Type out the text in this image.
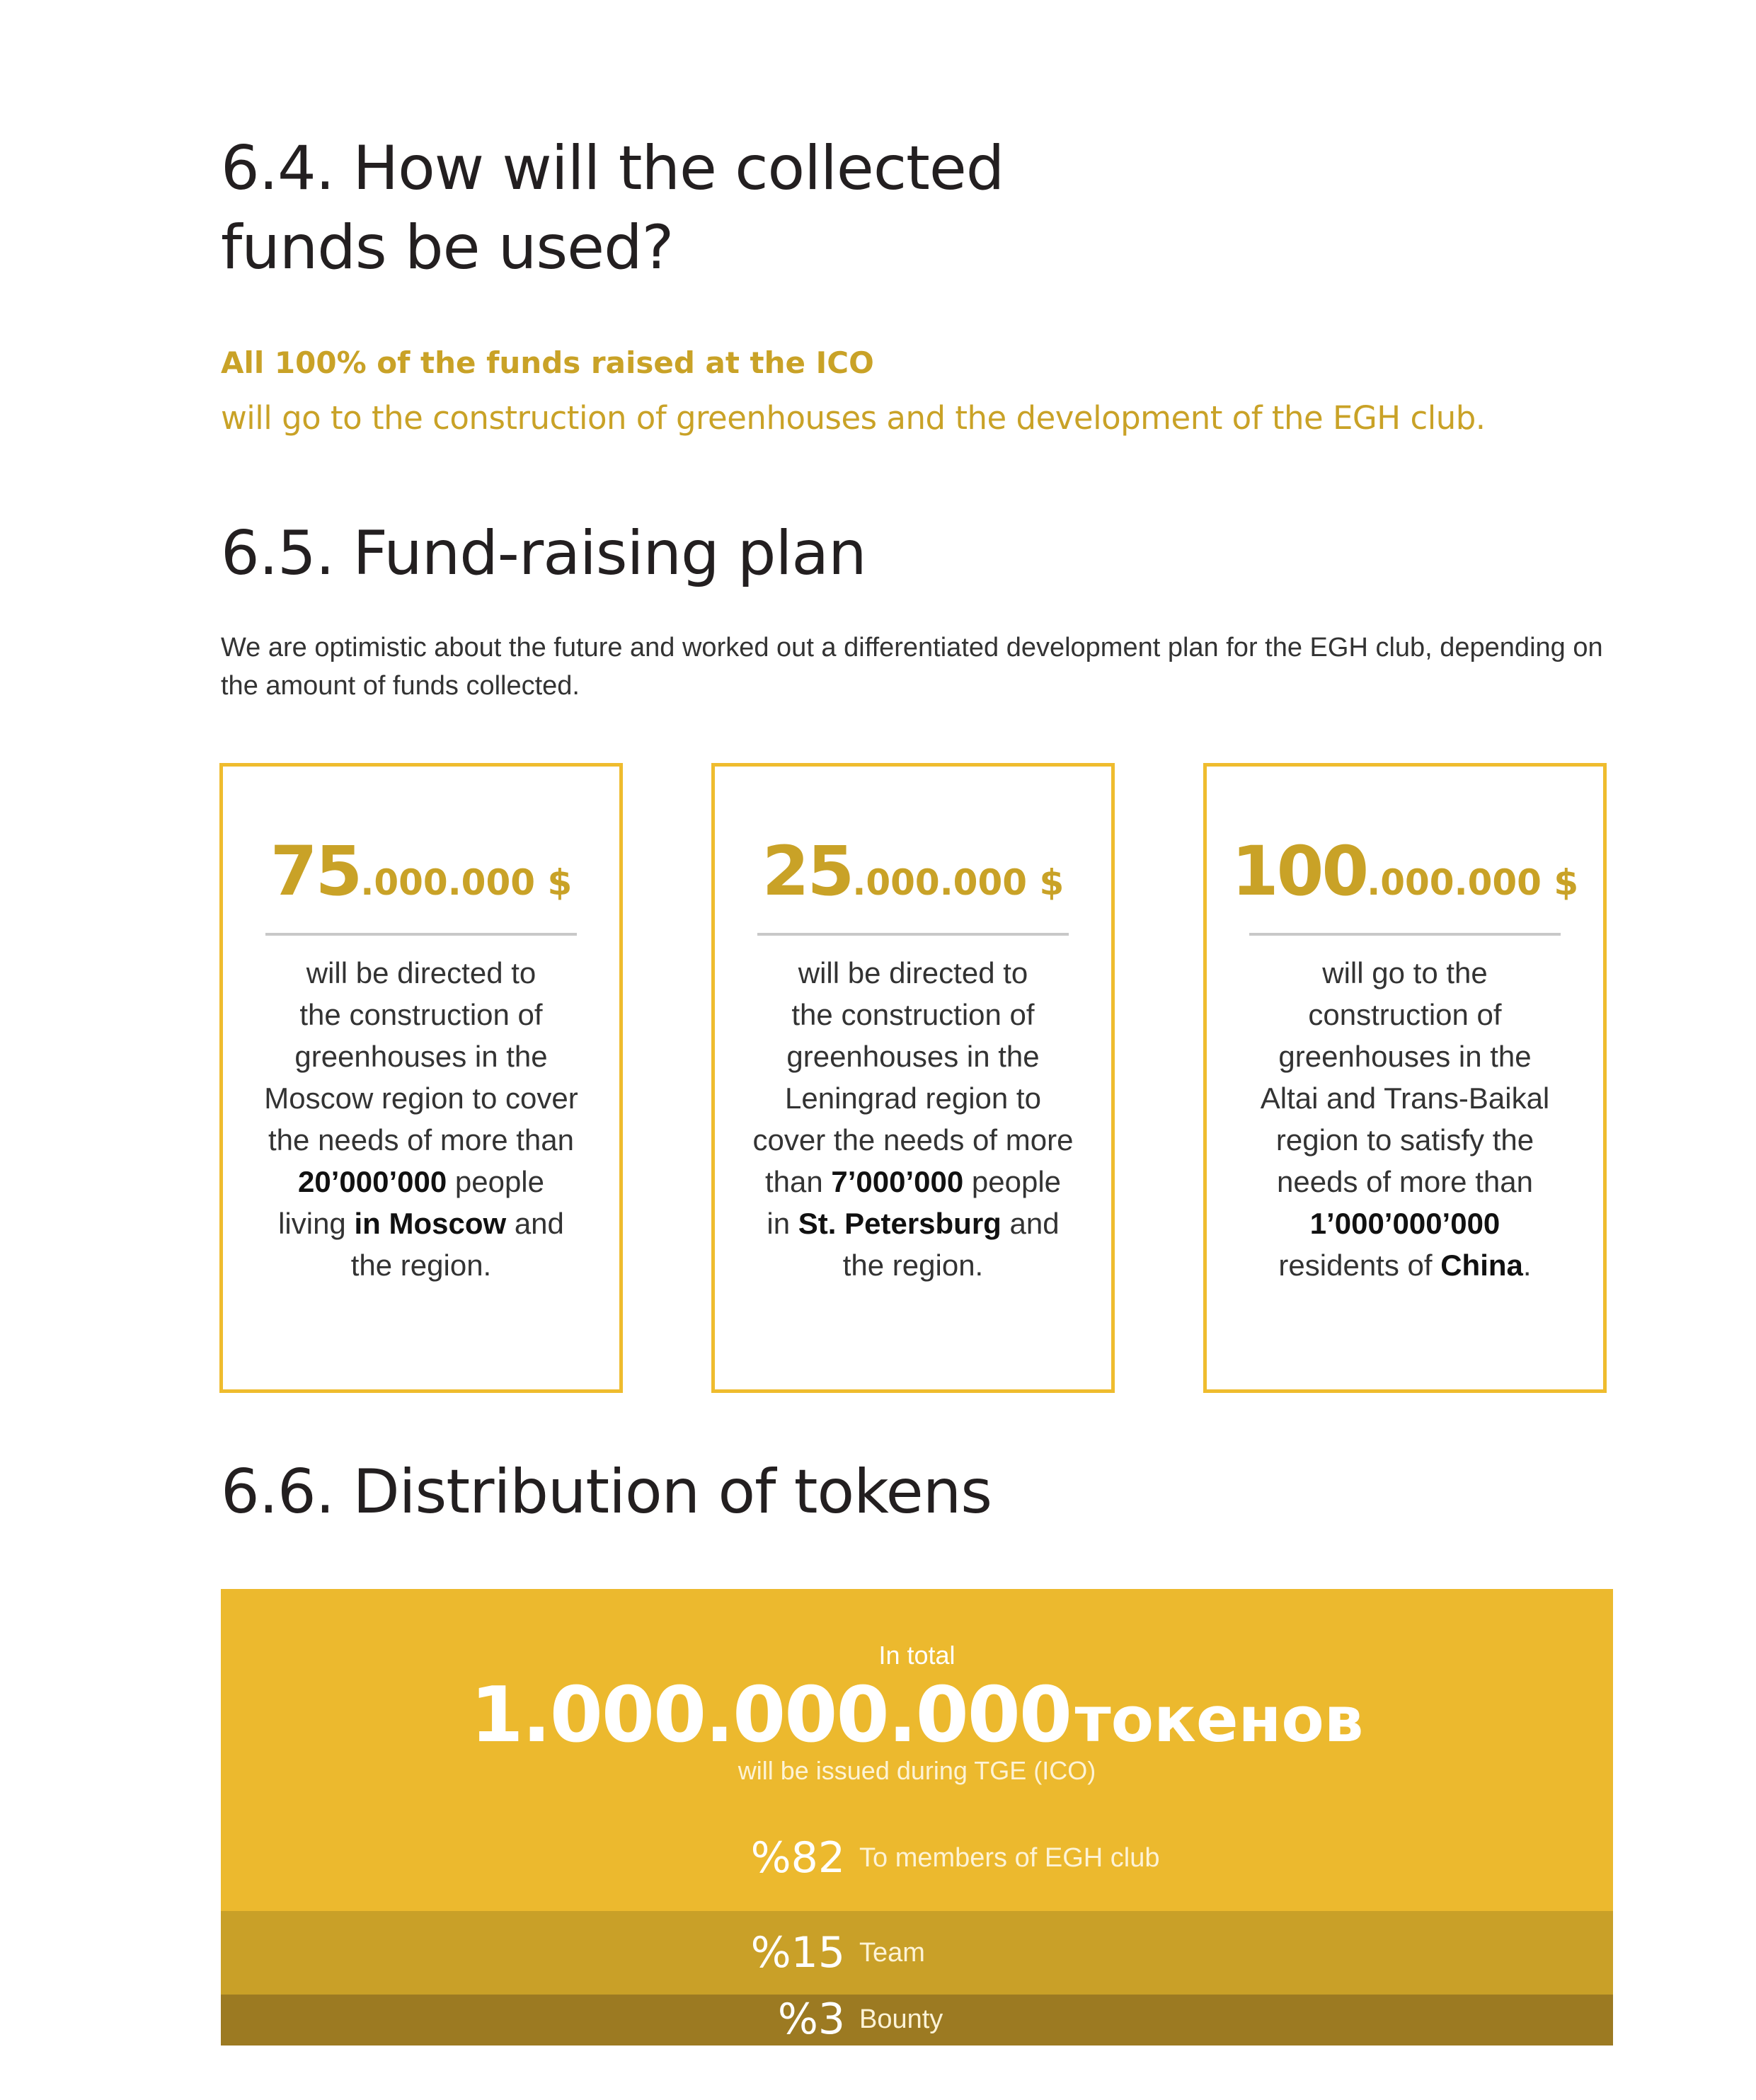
6.4. How will the collected
funds be used?
All 100% of the funds raised at the ICO
will go to the construction of greenhouses and the development of the EGH club.
6.5. Fund-raising plan
We are optimistic about the future and worked out a differentiated development plan for the EGH club, depending on the amount of funds collected.
75.000.000 $
will be directed to
the construction of
greenhouses in the
Moscow region to cover
the needs of more than
20’000’000 people
living in Moscow and
the region.
25.000.000 $
will be directed to
the construction of
greenhouses in the
Leningrad region to
cover the needs of more
than 7’000’000 people
in St. Petersburg and
the region.
100.000.000 $
will go to the
construction of
greenhouses in the
Altai and Trans-Baikal
region to satisfy the
needs of more than
1’000’000’000
residents of China.
6.6. Distribution of tokens
In total
1.000.000.000 токенов
will be issued during TGE (ICO)
%82 To members of EGH club
%15 Team
%3 Bounty
